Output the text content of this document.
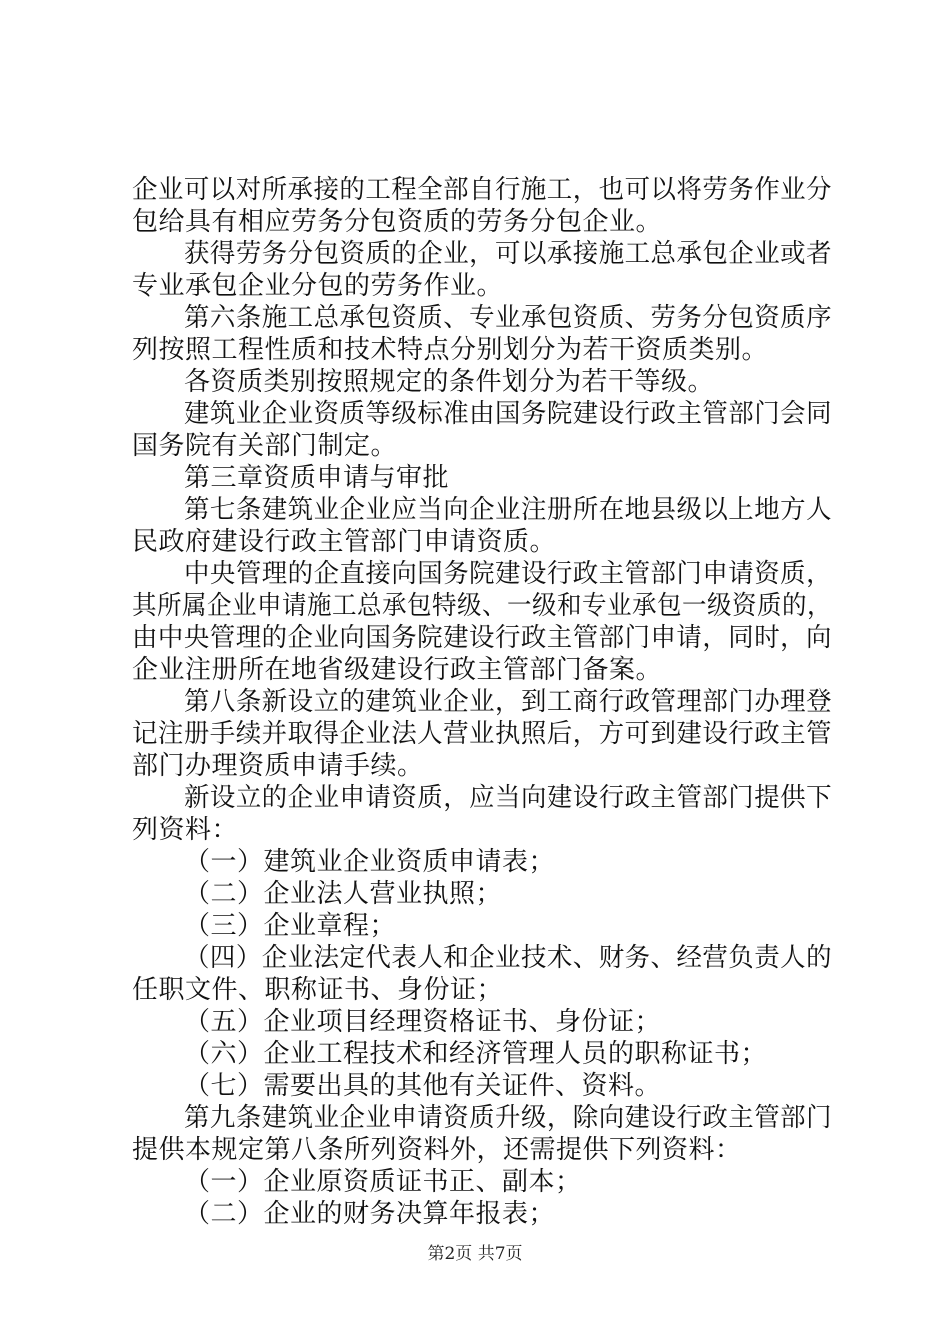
企业可以对所承接的工程全部自行施工，也可以将劳务作业分
包给具有相应劳务分包资质的劳务分包企业。
获得劳务分包资质的企业，可以承接施工总承包企业或者
专业承包企业分包的劳务作业。
第六条施工总承包资质、专业承包资质、劳务分包资质序
列按照工程性质和技术特点分别划分为若干资质类别。
各资质类别按照规定的条件划分为若干等级。
建筑业企业资质等级标准由国务院建设行政主管部门会同
国务院有关部门制定。
第三章资质申请与审批
第七条建筑业企业应当向企业注册所在地县级以上地方人
民政府建设行政主管部门申请资质。
中央管理的企直接向国务院建设行政主管部门申请资质，
其所属企业申请施工总承包特级、一级和专业承包一级资质的，
由中央管理的企业向国务院建设行政主管部门申请，同时，向
企业注册所在地省级建设行政主管部门备案。
第八条新设立的建筑业企业，到工商行政管理部门办理登
记注册手续并取得企业法人营业执照后，方可到建设行政主管
部门办理资质申请手续。
新设立的企业申请资质，应当向建设行政主管部门提供下
列资料：
（一）建筑业企业资质申请表；
（二）企业法人营业执照；
（三）企业章程；
（四）企业法定代表人和企业技术、财务、经营负责人的
任职文件、职称证书、身份证；
（五）企业项目经理资格证书、身份证；
（六）企业工程技术和经济管理人员的职称证书；
（七）需要出具的其他有关证件、资料。
第九条建筑业企业申请资质升级，除向建设行政主管部门
提供本规定第八条所列资料外，还需提供下列资料：
（一）企业原资质证书正、副本；
（二）企业的财务决算年报表；
第2页 共7页
